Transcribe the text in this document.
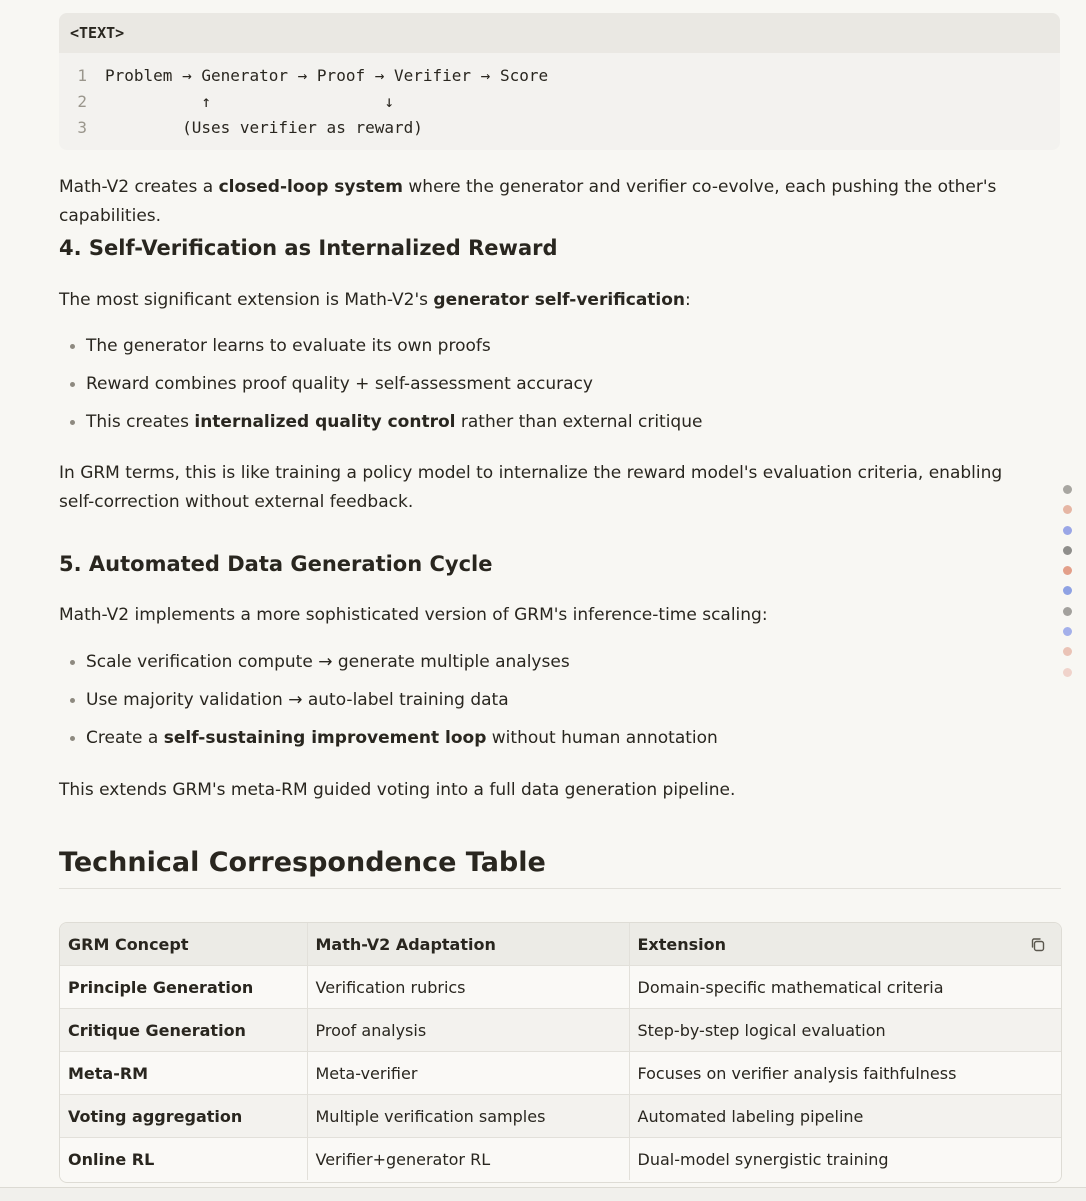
<TEXT>
1	Problem → Generator → Proof → Verifier → Score
2	↑                  ↓
3	(Uses verifier as reward)

Math-V2 creates a closed-loop system where the generator and verifier co-evolve, each pushing the other's capabilities.

4. Self-Verification as Internalized Reward

The most significant extension is Math-V2's generator self-verification:

The generator learns to evaluate its own proofs
Reward combines proof quality + self-assessment accuracy
This creates internalized quality control rather than external critique

In GRM terms, this is like training a policy model to internalize the reward model's evaluation criteria, enabling self-correction without external feedback.

5. Automated Data Generation Cycle

Math-V2 implements a more sophisticated version of GRM's inference-time scaling:

Scale verification compute → generate multiple analyses
Use majority validation → auto-label training data
Create a self-sustaining improvement loop without human annotation

This extends GRM's meta-RM guided voting into a full data generation pipeline.

Technical Correspondence Table
GRM Concept	Math-V2 Adaptation	Extension

Principle Generation	Verification rubrics	Domain-specific mathematical criteria
Critique Generation	Proof analysis	Step-by-step logical evaluation
Meta-RM	Meta-verifier	Focuses on verifier analysis faithfulness
Voting aggregation	Multiple verification samples	Automated labeling pipeline
Online RL	Verifier+generator RL	Dual-model synergistic training
